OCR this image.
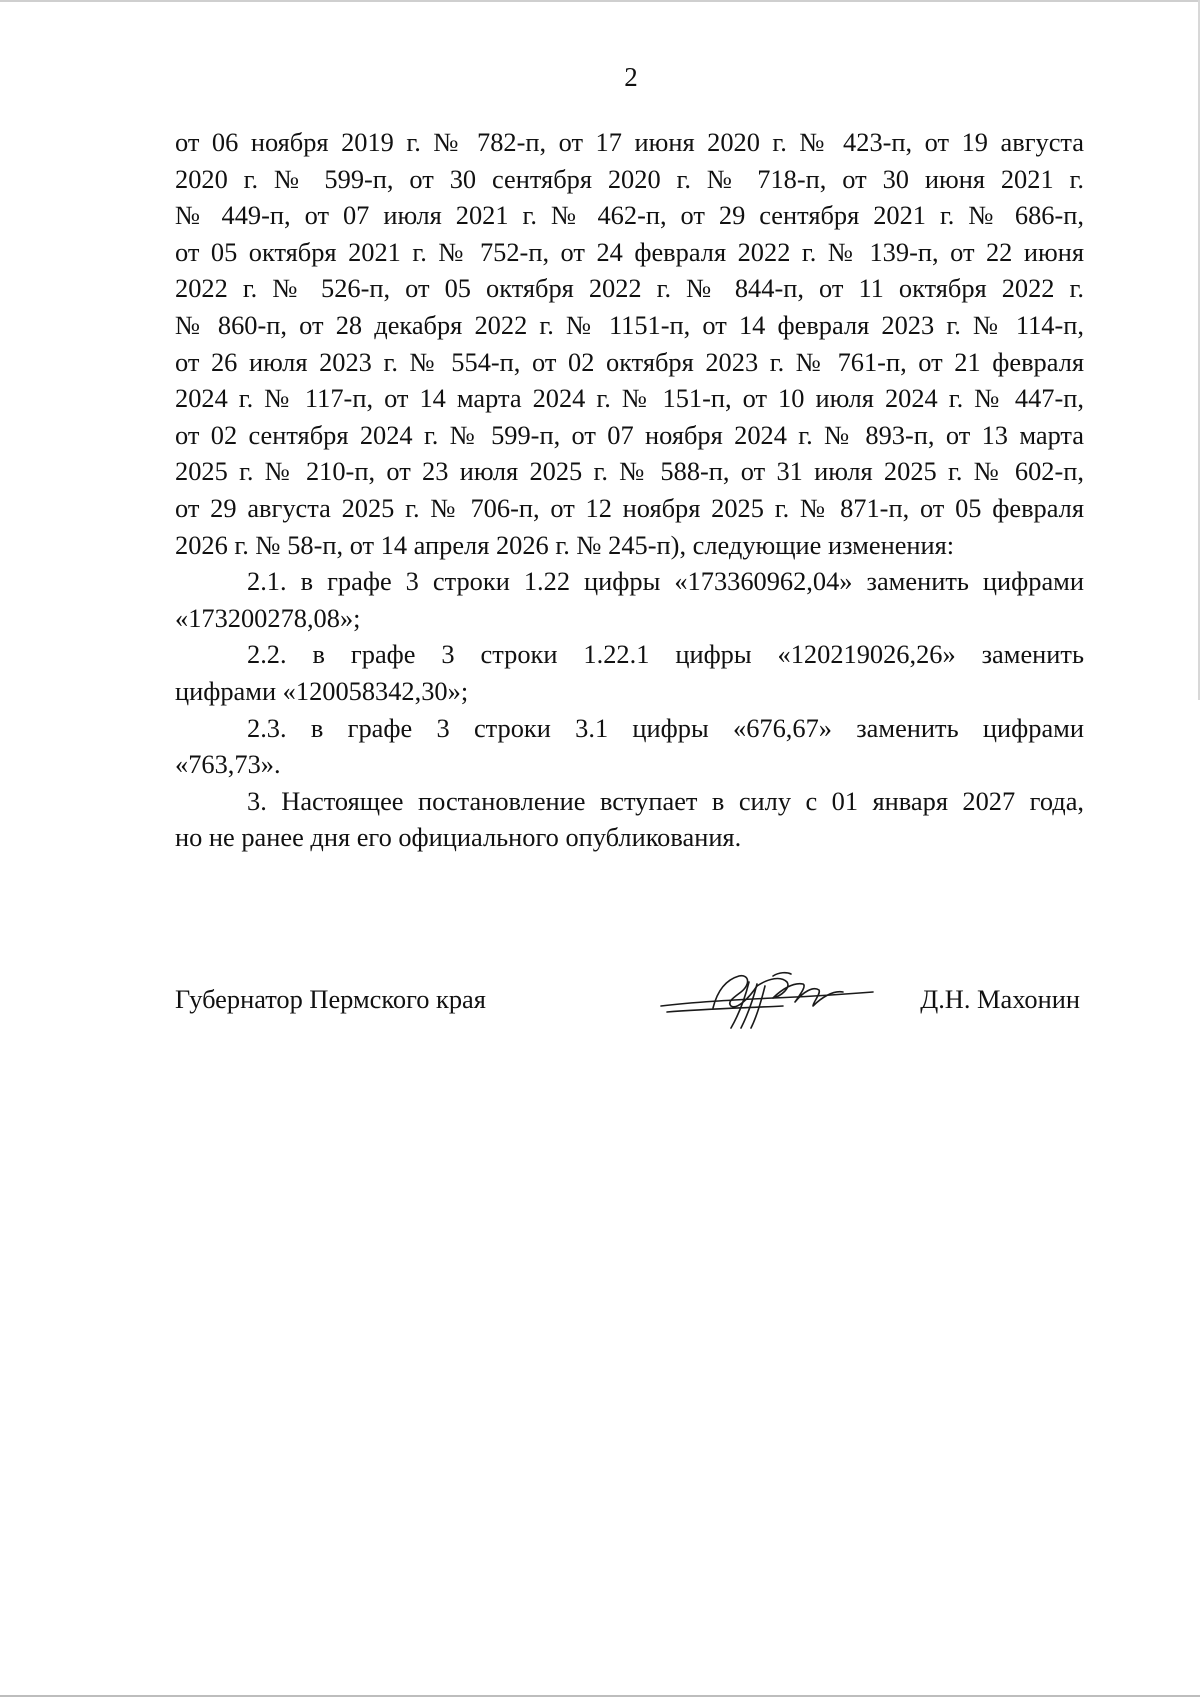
2
от 06 ноября 2019 г. № 782-п, от 17 июня 2020 г. № 423-п, от 19 августа
2020 г. № 599-п, от 30 сентября 2020 г. № 718-п, от 30 июня 2021 г.
№ 449-п, от 07 июля 2021 г. № 462-п, от 29 сентября 2021 г. № 686-п,
от 05 октября 2021 г. № 752-п, от 24 февраля 2022 г. № 139-п, от 22 июня
2022 г. № 526-п, от 05 октября 2022 г. № 844-п, от 11 октября 2022 г.
№ 860-п, от 28 декабря 2022 г. № 1151-п, от 14 февраля 2023 г. № 114-п,
от 26 июля 2023 г. № 554-п, от 02 октября 2023 г. № 761-п, от 21 февраля
2024 г. № 117-п, от 14 марта 2024 г. № 151-п, от 10 июля 2024 г. № 447-п,
от 02 сентября 2024 г. № 599-п, от 07 ноября 2024 г. № 893-п, от 13 марта
2025 г. № 210-п, от 23 июля 2025 г. № 588-п, от 31 июля 2025 г. № 602-п,
от 29 августа 2025 г. № 706-п, от 12 ноября 2025 г. № 871-п, от 05 февраля
2026 г. № 58-п, от 14 апреля 2026 г. № 245-п), следующие изменения:
2.1. в графе 3 строки 1.22 цифры «173360962,04» заменить цифрами
«173200278,08»;
2.2. в графе 3 строки 1.22.1 цифры «120219026,26» заменить
цифрами «120058342,30»;
2.3. в графе 3 строки 3.1 цифры «676,67» заменить цифрами
«763,73».
3. Настоящее постановление вступает в силу с 01 января 2027 года,
но не ранее дня его официального опубликования.
Губернатор Пермского края	Д.Н. Махонин
